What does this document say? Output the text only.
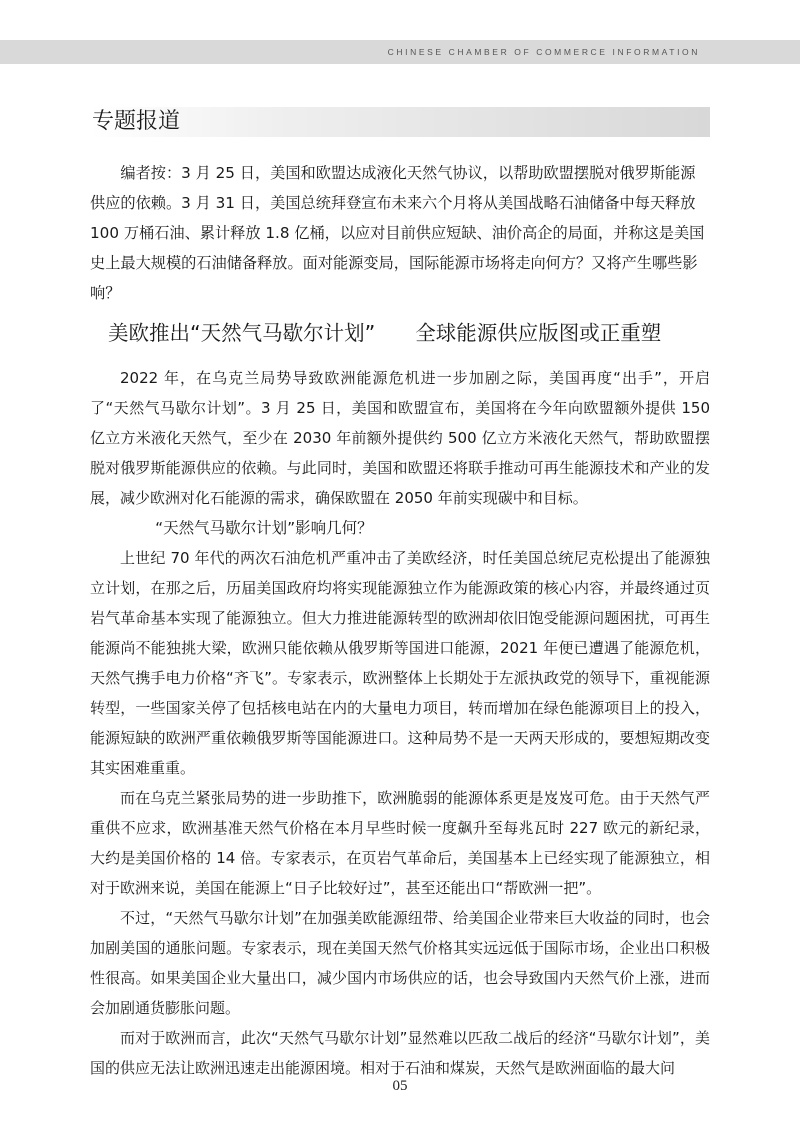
CHINESE CHAMBER OF COMMERCE INFORMATION
专题报道

编者按：3 月 25 日，美国和欧盟达成液化天然气协议，以帮助欧盟摆脱对俄罗斯能源供应的依赖。3 月 31 日，美国总统拜登宣布未来六个月将从美国战略石油储备中每天释放 100 万桶石油、累计释放 1.8 亿桶，以应对目前供应短缺、油价高企的局面，并称这是美国史上最大规模的石油储备释放。面对能源变局，国际能源市场将走向何方？又将产生哪些影响？

美欧推出“天然气马歇尔计划” 全球能源供应版图或正重塑

2022 年，在乌克兰局势导致欧洲能源危机进一步加剧之际，美国再度“出手”，开启了“天然气马歇尔计划”。3 月 25 日，美国和欧盟宣布，美国将在今年向欧盟额外提供 150 亿立方米液化天然气，至少在 2030 年前额外提供约 500 亿立方米液化天然气，帮助欧盟摆脱对俄罗斯能源供应的依赖。与此同时，美国和欧盟还将联手推动可再生能源技术和产业的发展，减少欧洲对化石能源的需求，确保欧盟在 2050 年前实现碳中和目标。

“天然气马歇尔计划”影响几何？

上世纪 70 年代的两次石油危机严重冲击了美欧经济，时任美国总统尼克松提出了能源独立计划，在那之后，历届美国政府均将实现能源独立作为能源政策的核心内容，并最终通过页岩气革命基本实现了能源独立。但大力推进能源转型的欧洲却依旧饱受能源问题困扰，可再生能源尚不能独挑大梁，欧洲只能依赖从俄罗斯等国进口能源，2021 年便已遭遇了能源危机，天然气携手电力价格“齐飞”。专家表示，欧洲整体上长期处于左派执政党的领导下，重视能源转型，一些国家关停了包括核电站在内的大量电力项目，转而增加在绿色能源项目上的投入，能源短缺的欧洲严重依赖俄罗斯等国能源进口。这种局势不是一天两天形成的，要想短期改变其实困难重重。

而在乌克兰紧张局势的进一步助推下，欧洲脆弱的能源体系更是岌岌可危。由于天然气严重供不应求，欧洲基准天然气价格在本月早些时候一度飙升至每兆瓦时 227 欧元的新纪录，大约是美国价格的 14 倍。专家表示，在页岩气革命后，美国基本上已经实现了能源独立，相对于欧洲来说，美国在能源上“日子比较好过”，甚至还能出口“帮欧洲一把”。

不过，“天然气马歇尔计划”在加强美欧能源纽带、给美国企业带来巨大收益的同时，也会加剧美国的通胀问题。专家表示，现在美国天然气价格其实远远低于国际市场，企业出口积极性很高。如果美国企业大量出口，减少国内市场供应的话，也会导致国内天然气价上涨，进而会加剧通货膨胀问题。

而对于欧洲而言，此次“天然气马歇尔计划”显然难以匹敌二战后的经济“马歇尔计划”，美国的供应无法让欧洲迅速走出能源困境。相对于石油和煤炭，天然气是欧洲面临的最大问

05
